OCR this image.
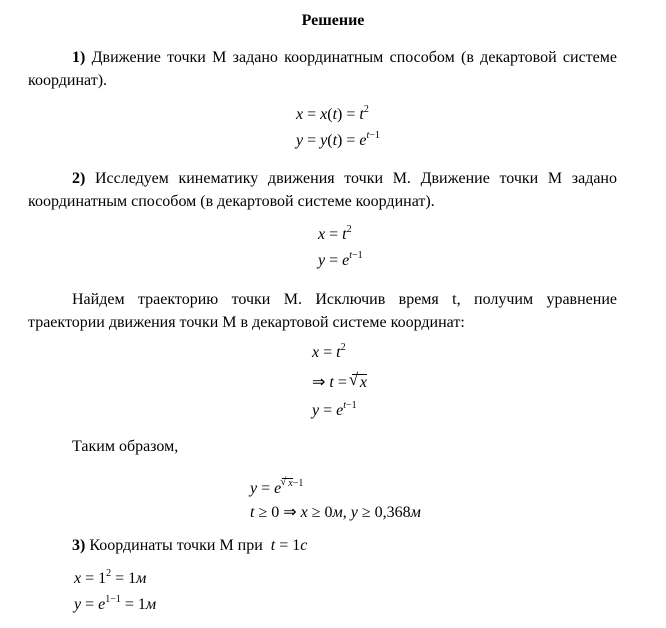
Решение
1) Движение точки М задано координатным способом (в декартовой системе координат).
$x = x(t) = t^2$
$y = y(t) = e^{t-1}$
2) Исследуем кинематику движения точки М. Движение точки М задано координатным способом (в декартовой системе координат).
$x = t^2$
$y = e^{t-1}$
Найдем траекторию точки М. Исключив время t, получим уравнение траектории движения точки М в декартовой системе координат:
$x = t^2$
⇒ t = √ x
$y = e^{t-1}$
Таким образом,
y = e√ $^{x-1}$
t ≥ 0 ⇒ x ≥ 0м, y ≥ 0,368м
3) Координаты точки М при t = 1с
$x = 1^2 = 1м$
$y = e^{1-1} = 1м$
